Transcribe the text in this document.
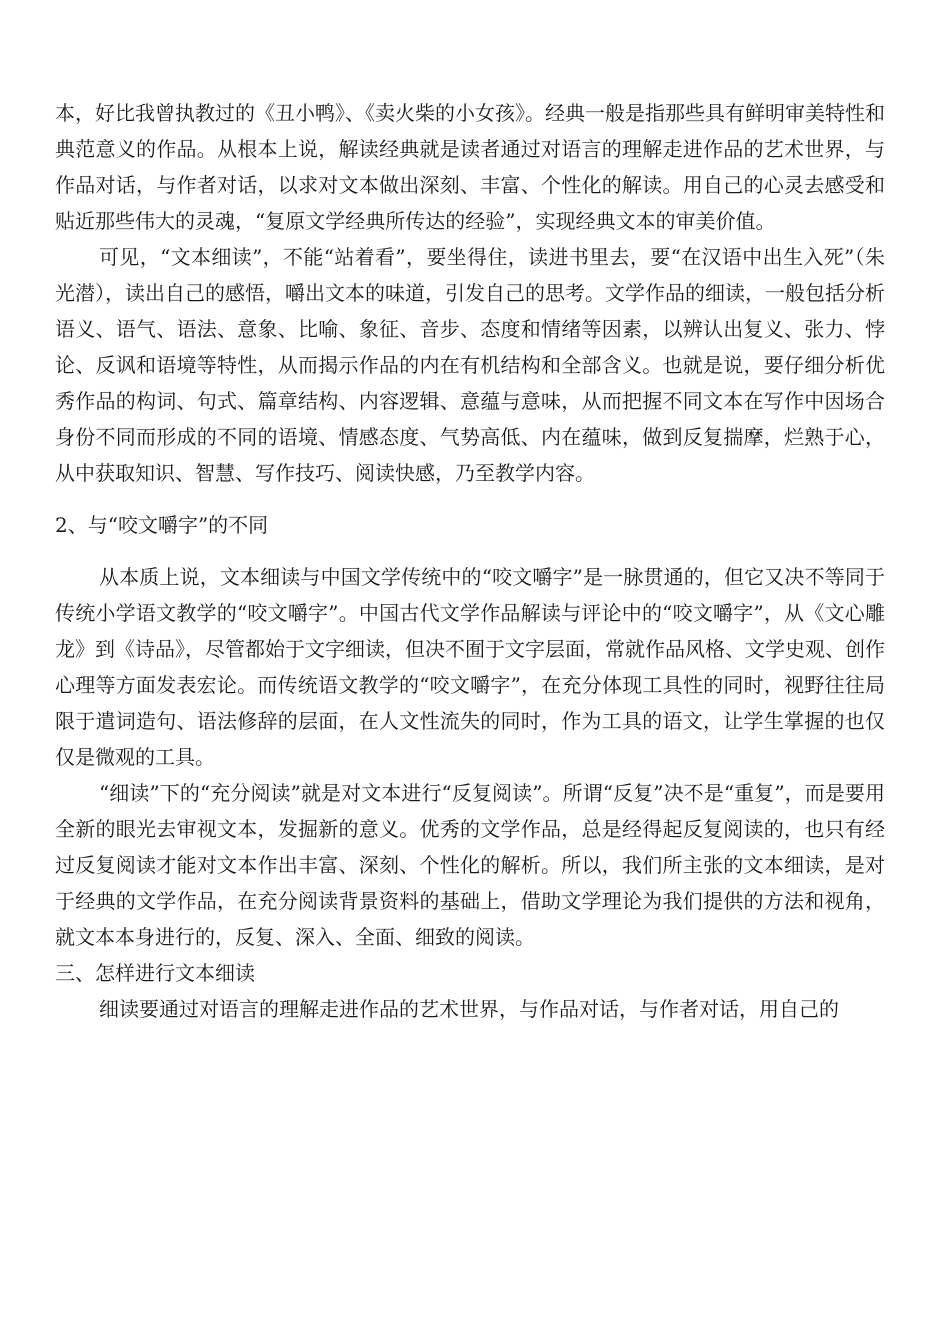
本，好比我曾执教过的《丑小鸭》、《卖火柴的小女孩》。经典一般是指那些具有鲜明审美特性和典范意义的作品。从根本上说，解读经典就是读者通过对语言的理解走进作品的艺术世界，与作品对话，与作者对话，以求对文本做出深刻、丰富、个性化的解读。用自己的心灵去感受和贴近那些伟大的灵魂，“复原文学经典所传达的经验”，实现经典文本的审美价值。

可见，“文本细读”，不能“站着看”，要坐得住，读进书里去，要“在汉语中出生入死”（朱光潜），读出自己的感悟，嚼出文本的味道，引发自己的思考。文学作品的细读，一般包括分析语义、语气、语法、意象、比喻、象征、音步、态度和情绪等因素，以辨认出复义、张力、悖论、反讽和语境等特性，从而揭示作品的内在有机结构和全部含义。也就是说，要仔细分析优秀作品的构词、句式、篇章结构、内容逻辑、意蕴与意味，从而把握不同文本在写作中因场合身份不同而形成的不同的语境、情感态度、气势高低、内在蕴味，做到反复揣摩，烂熟于心，从中获取知识、智慧、写作技巧、阅读快感，乃至教学内容。

2、与“咬文嚼字”的不同

从本质上说，文本细读与中国文学传统中的“咬文嚼字”是一脉贯通的，但它又决不等同于传统小学语文教学的“咬文嚼字”。中国古代文学作品解读与评论中的“咬文嚼字”，从《文心雕龙》到《诗品》，尽管都始于文字细读，但决不囿于文字层面，常就作品风格、文学史观、创作心理等方面发表宏论。而传统语文教学的“咬文嚼字”，在充分体现工具性的同时，视野往往局限于遣词造句、语法修辞的层面，在人文性流失的同时，作为工具的语文，让学生掌握的也仅仅是微观的工具。

“细读”下的“充分阅读”就是对文本进行“反复阅读”。所谓“反复”决不是“重复”，而是要用全新的眼光去审视文本，发掘新的意义。优秀的文学作品，总是经得起反复阅读的，也只有经过反复阅读才能对文本作出丰富、深刻、个性化的解析。所以，我们所主张的文本细读，是对于经典的文学作品，在充分阅读背景资料的基础上，借助文学理论为我们提供的方法和视角，就文本本身进行的，反复、深入、全面、细致的阅读。

三、怎样进行文本细读

细读要通过对语言的理解走进作品的艺术世界，与作品对话，与作者对话，用自己的
